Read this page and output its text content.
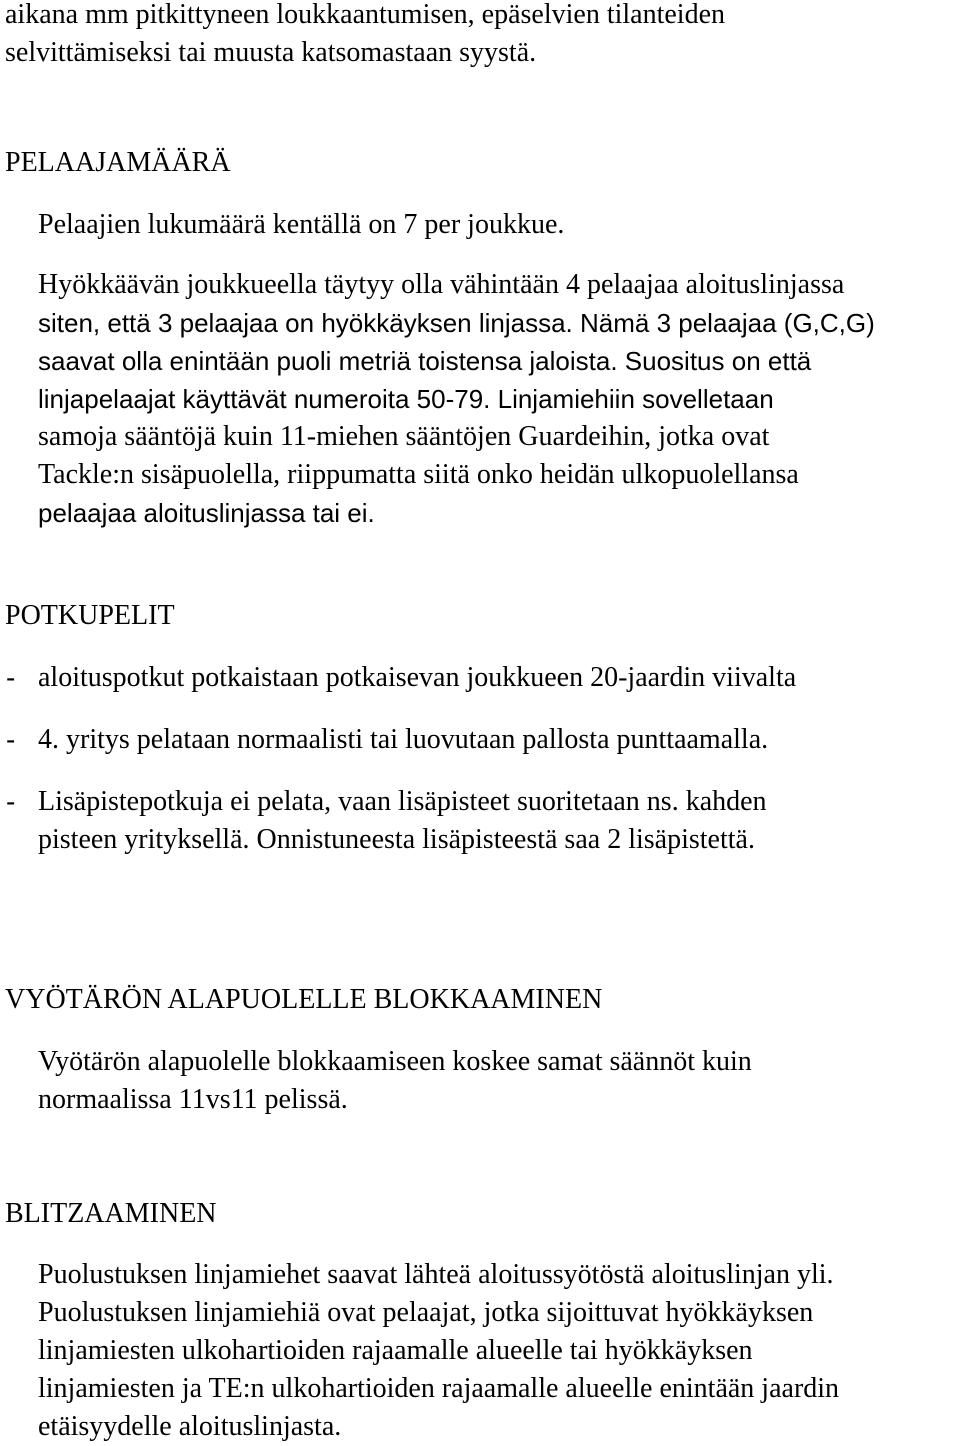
aikana mm pitkittyneen loukkaantumisen, epäselvien tilanteiden
selvittämiseksi tai muusta katsomastaan syystä.
PELAAJAMÄÄRÄ
Pelaajien lukumäärä kentällä on 7 per joukkue.
Hyökkäävän joukkueella täytyy olla vähintään 4 pelaajaa aloituslinjassa
siten, että 3 pelaajaa on hyökkäyksen linjassa. Nämä 3 pelaajaa (G,C,G)
saavat olla enintään puoli metriä toistensa jaloista. Suositus on että
linjapelaajat käyttävät numeroita 50-79. Linjamiehiin sovelletaan
samoja sääntöjä kuin 11-miehen sääntöjen Guardeihin, jotka ovat
Tackle:n sisäpuolella, riippumatta siitä onko heidän ulkopuolellansa
pelaajaa aloituslinjassa tai ei.
POTKUPELIT
- aloituspotkut potkaistaan potkaisevan joukkueen 20-jaardin viivalta
- 4. yritys pelataan normaalisti tai luovutaan pallosta punttaamalla.
- Lisäpistepotkuja ei pelata, vaan lisäpisteet suoritetaan ns. kahden
pisteen yrityksellä. Onnistuneesta lisäpisteestä saa 2 lisäpistettä.
VYÖTÄRÖN ALAPUOLELLE BLOKKAAMINEN
Vyötärön alapuolelle blokkaamiseen koskee samat säännöt kuin
normaalissa 11vs11 pelissä.
BLITZAAMINEN
Puolustuksen linjamiehet saavat lähteä aloitussyötöstä aloituslinjan yli.
Puolustuksen linjamiehiä ovat pelaajat, jotka sijoittuvat hyökkäyksen
linjamiesten ulkohartioiden rajaamalle alueelle tai hyökkäyksen
linjamiesten ja TE:n ulkohartioiden rajaamalle alueelle enintään jaardin
etäisyydelle aloituslinjasta.
